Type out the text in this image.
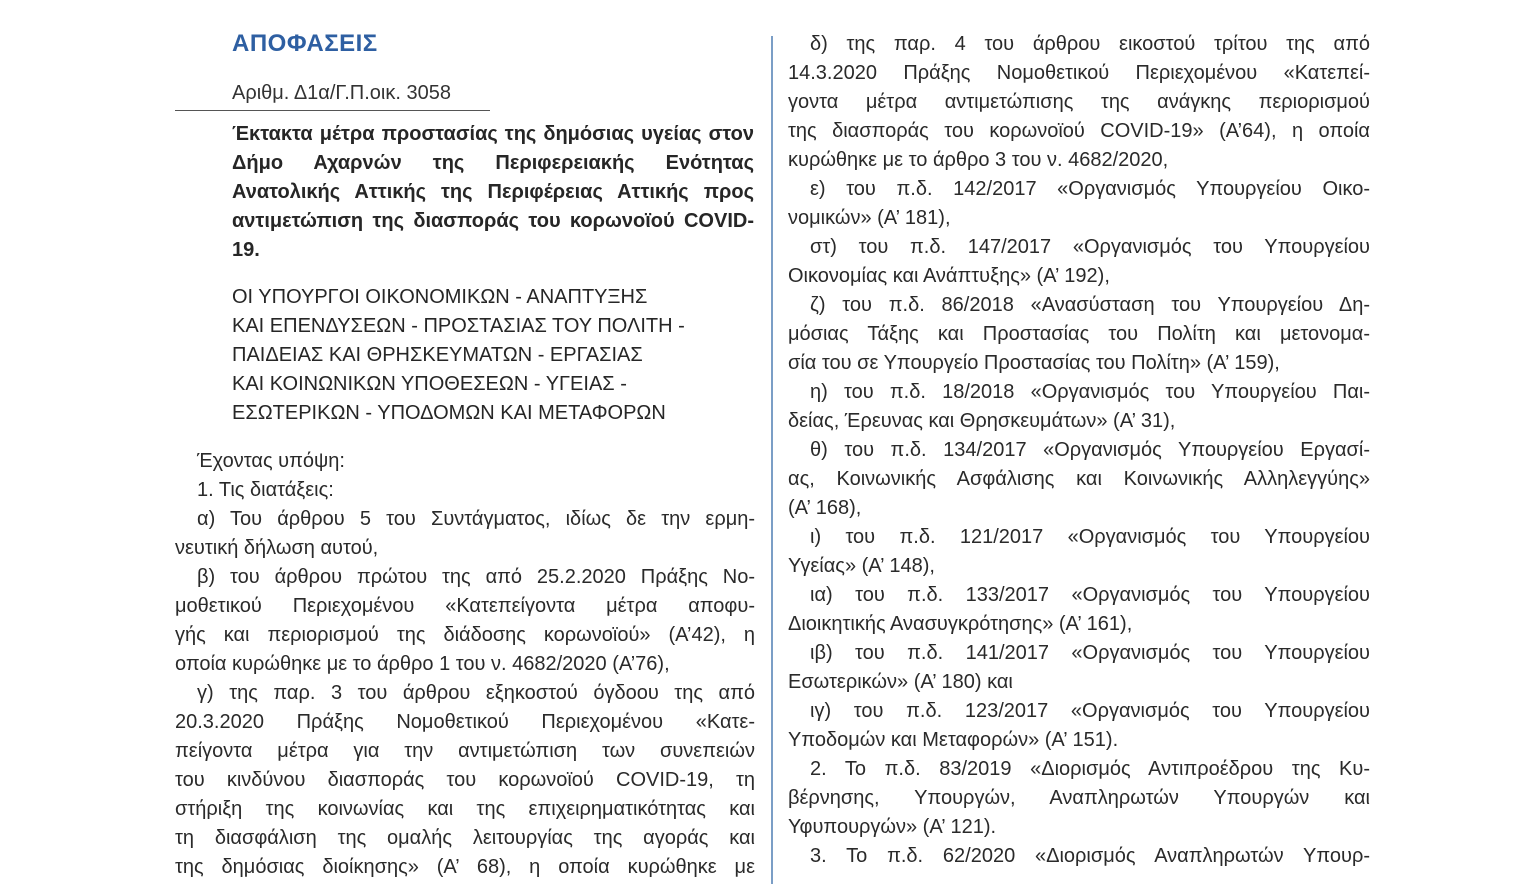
ΑΠΟΦΑΣΕΙΣ
Αριθμ. Δ1α/Γ.Π.οικ. 3058

Έκτακτα μέτρα προστασίας της δημόσιας υγείας στον Δήμο Αχαρνών της Περιφερειακής Ενότητας Ανατολικής Αττικής της Περιφέρειας Αττικής προς αντιμετώπιση της διασποράς του κορωνοϊού COVID-19.

ΟΙ ΥΠΟΥΡΓΟΙ ΟΙΚΟΝΟΜΙΚΩΝ - ΑΝΑΠΤΥΞΗΣ
ΚΑΙ ΕΠΕΝΔΥΣΕΩΝ - ΠΡΟΣΤΑΣΙΑΣ ΤΟΥ ΠΟΛΙΤΗ -
ΠΑΙΔΕΙΑΣ ΚΑΙ ΘΡΗΣΚΕΥΜΑΤΩΝ - ΕΡΓΑΣΙΑΣ
ΚΑΙ ΚΟΙΝΩΝΙΚΩΝ ΥΠΟΘΕΣΕΩΝ - ΥΓΕΙΑΣ -
ΕΣΩΤΕΡΙΚΩΝ - ΥΠΟΔΟΜΩΝ ΚΑΙ ΜΕΤΑΦΟΡΩΝ

Έχοντας υπόψη:
1. Τις διατάξεις:
α) Του άρθρου 5 του Συντάγματος, ιδίως δε την ερμη-
νευτική δήλωση αυτού,
β) του άρθρου πρώτου της από 25.2.2020 Πράξης Νο-
μοθετικού Περιεχομένου «Κατεπείγοντα μέτρα αποφυ-
γής και περιορισμού της διάδοσης κορωνοϊού» (Α’42), η
οποία κυρώθηκε με το άρθρο 1 του ν. 4682/2020 (Α’76),
γ) της παρ. 3 του άρθρου εξηκοστού όγδοου της από
20.3.2020 Πράξης Νομοθετικού Περιεχομένου «Κατε-
πείγοντα μέτρα για την αντιμετώπιση των συνεπειών
του κινδύνου διασποράς του κορωνοϊού COVID-19, τη
στήριξη της κοινωνίας και της επιχειρηματικότητας και
τη διασφάλιση της ομαλής λειτουργίας της αγοράς και
της δημόσιας διοίκησης» (Α’ 68), η οποία κυρώθηκε με

δ) της παρ. 4 του άρθρου εικοστού τρίτου της από
14.3.2020 Πράξης Νομοθετικού Περιεχομένου «Κατεπεί-
γοντα μέτρα αντιμετώπισης της ανάγκης περιορισμού
της διασποράς του κορωνοϊού COVID-19» (Α’64), η οποία
κυρώθηκε με το άρθρο 3 του ν. 4682/2020,
ε) του π.δ. 142/2017 «Οργανισμός Υπουργείου Οικο-
νομικών» (Α’ 181),
στ) του π.δ. 147/2017 «Οργανισμός του Υπουργείου
Οικονομίας και Ανάπτυξης» (Α’ 192),
ζ) του π.δ. 86/2018 «Ανασύσταση του Υπουργείου Δη-
μόσιας Τάξης και Προστασίας του Πολίτη και μετονομα-
σία του σε Υπουργείο Προστασίας του Πολίτη» (Α’ 159),
η) του π.δ. 18/2018 «Οργανισμός του Υπουργείου Παι-
δείας, Έρευνας και Θρησκευμάτων» (Α’ 31),
θ) του π.δ. 134/2017 «Οργανισμός Υπουργείου Εργασί-
ας, Κοινωνικής Ασφάλισης και Κοινωνικής Αλληλεγγύης»
(Α’ 168),
ι) του π.δ. 121/2017 «Οργανισμός του Υπουργείου
Υγείας» (Α’ 148),
ια) του π.δ. 133/2017 «Οργανισμός του Υπουργείου
Διοικητικής Ανασυγκρότησης» (Α’ 161),
ιβ) του π.δ. 141/2017 «Οργανισμός του Υπουργείου
Εσωτερικών» (Α’ 180) και
ιγ) του π.δ. 123/2017 «Οργανισμός του Υπουργείου
Υποδομών και Μεταφορών» (Α’ 151).
2. Το π.δ. 83/2019 «Διορισμός Αντιπροέδρου της Κυ-
βέρνησης, Υπουργών, Αναπληρωτών Υπουργών και
Υφυπουργών» (Α’ 121).
3. Το π.δ. 62/2020 «Διορισμός Αναπληρωτών Υπουρ-
